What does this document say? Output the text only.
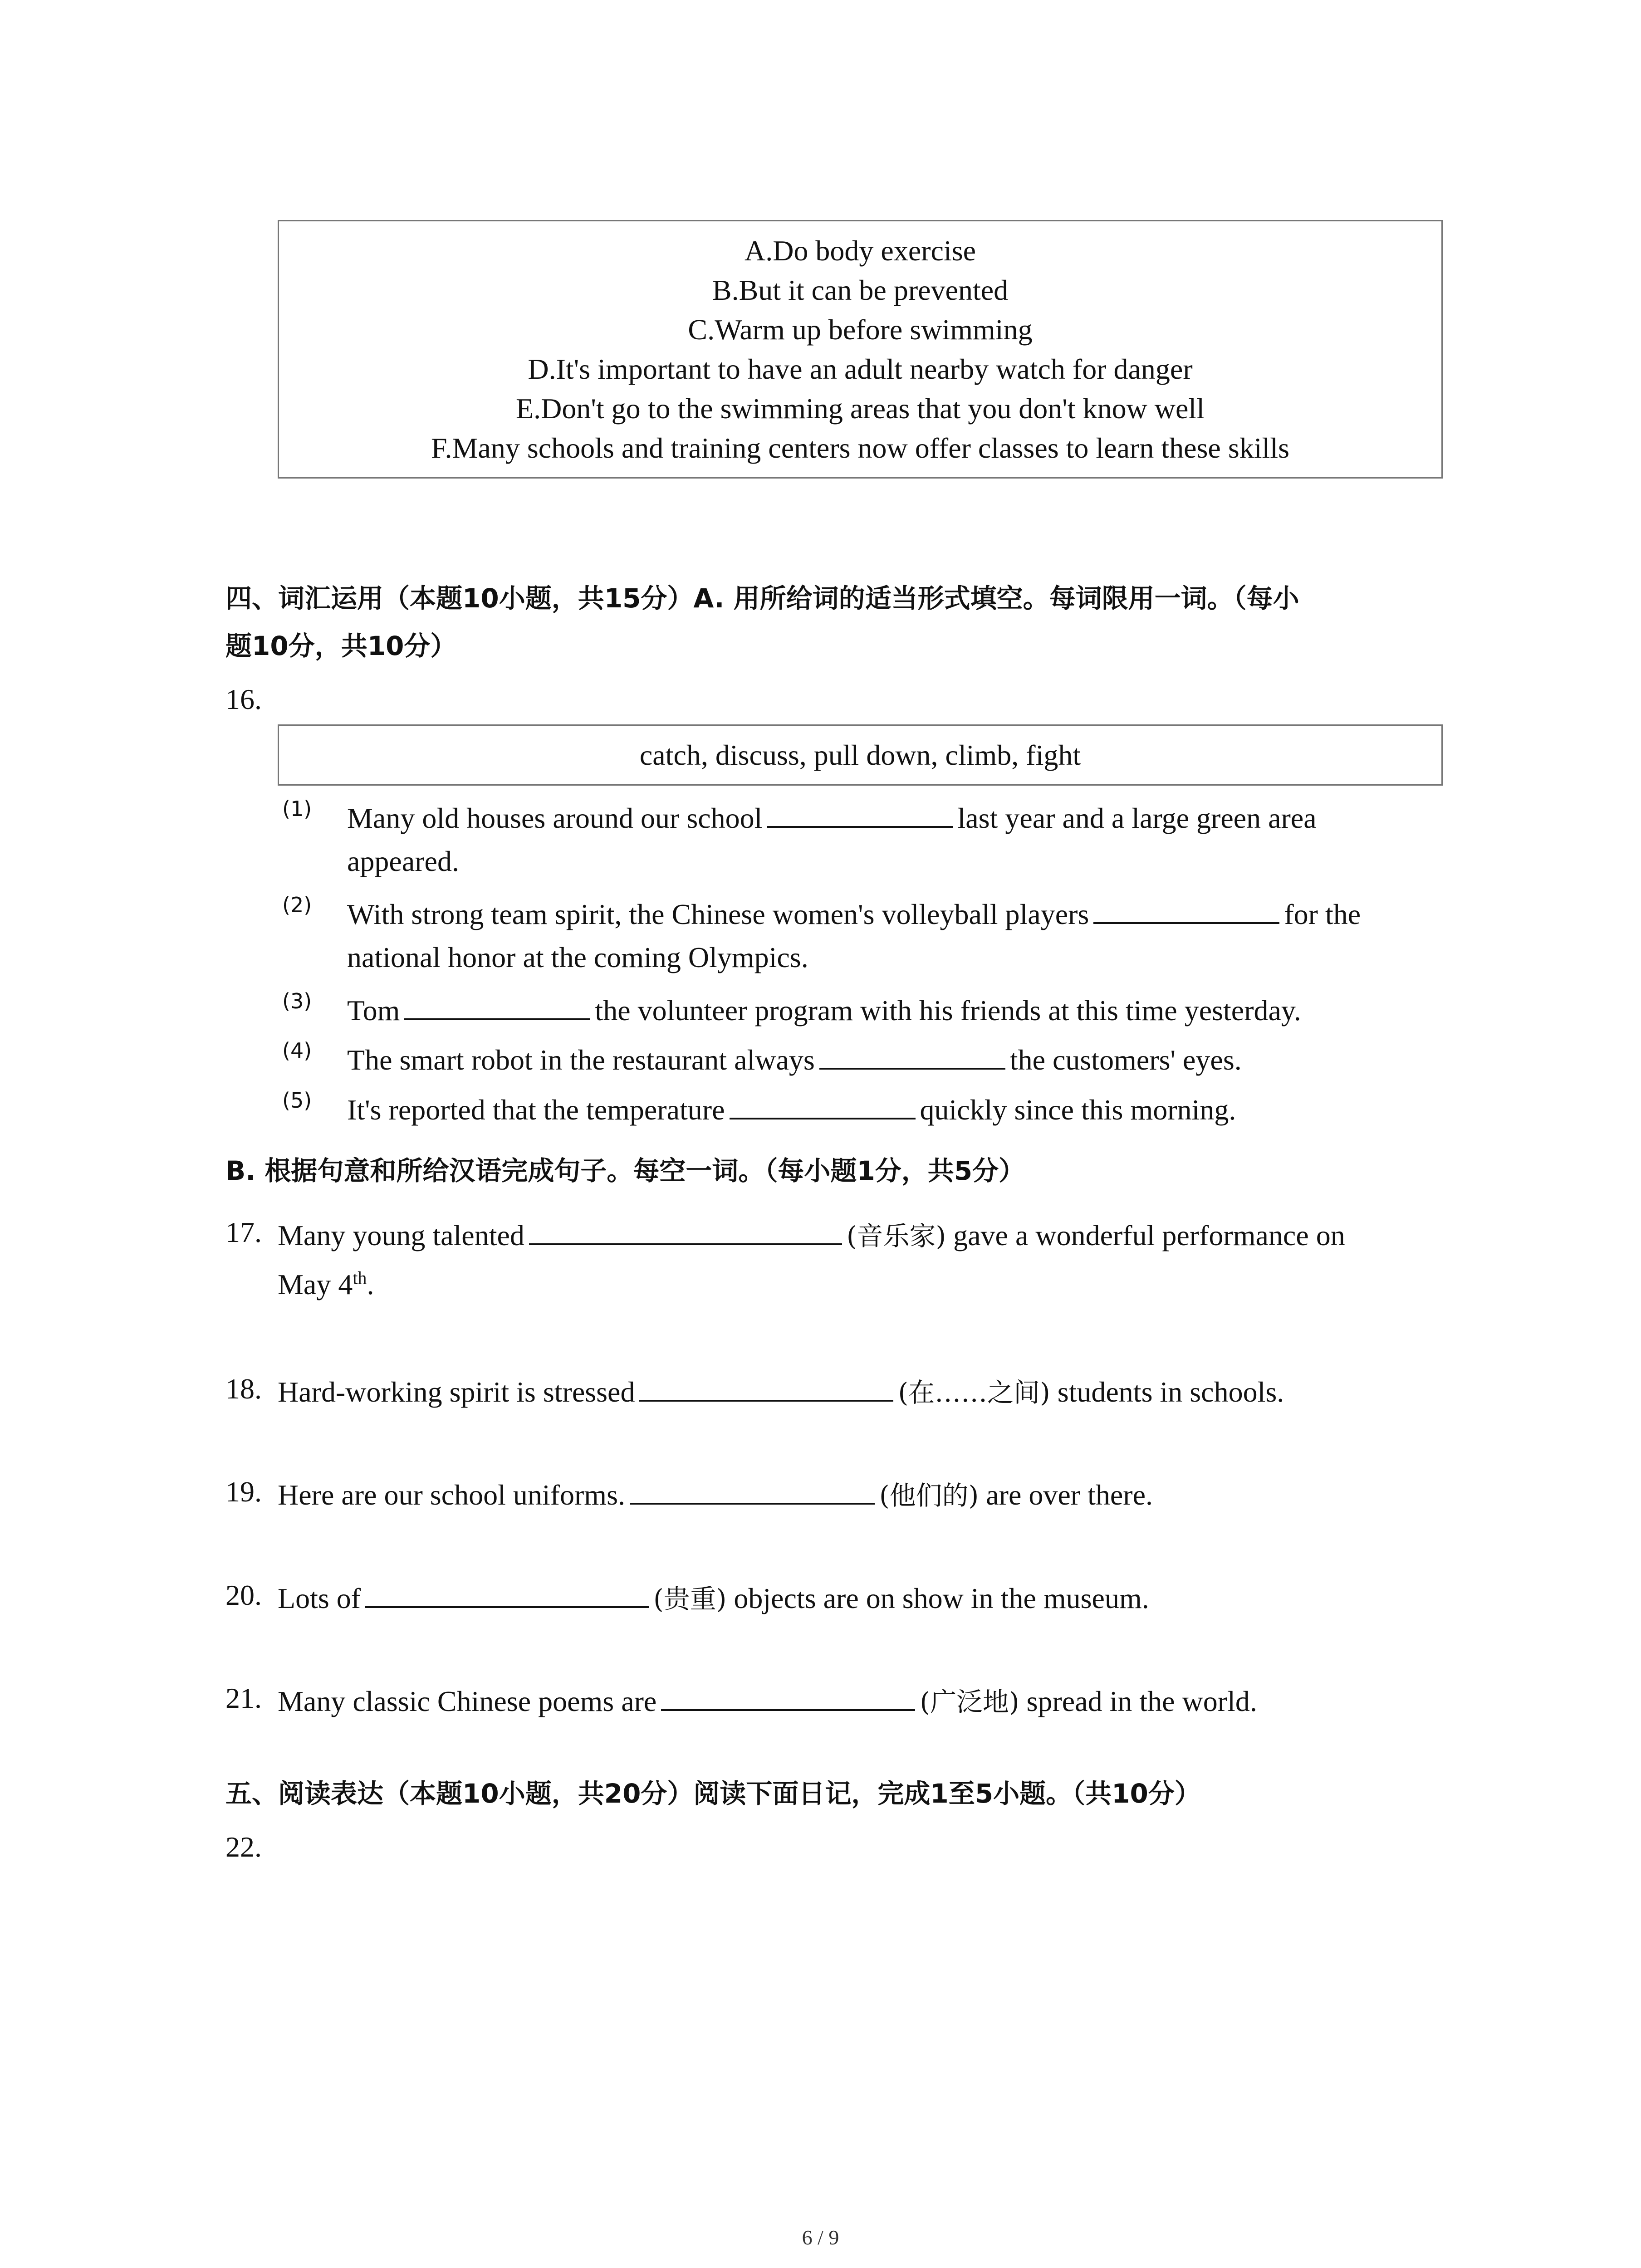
A.Do body exercise
B.But it can be prevented
C.Warm up before swimming
D.It's important to have an adult nearby watch for danger
E.Don't go to the swimming areas that you don't know well
F.Many schools and training centers now offer classes to learn these skills
四、词汇运用（本题10小题，共15分）A. 用所给词的适当形式填空。每词限用一词。（每小
题10分，共10分）
16.
catch, discuss, pull down, climb, fight
(1) Many old houses around our school	last year and a large green area
appeared.
(2) With strong team spirit, the Chinese women's volleyball players	for the
national honor at the coming Olympics.
(3) Tom	the volunteer program with his friends at this time yesterday.
(4) The smart robot in the restaurant always	the customers' eyes.
(5) It's reported that the temperature	quickly since this morning.
B. 根据句意和所给汉语完成句子。每空一词。（每小题1分，共5分）
17. Many young talented	(音乐家) gave a wonderful performance on
May 4th.
18. Hard-working spirit is stressed	(在……之间) students in schools.
19. Here are our school uniforms.	(他们的) are over there.
20. Lots of	(贵重) objects are on show in the museum.
21. Many classic Chinese poems are	(广泛地) spread in the world.
五、阅读表达（本题10小题，共20分）阅读下面日记，完成1至5小题。（共10分）
22.
6 / 9
